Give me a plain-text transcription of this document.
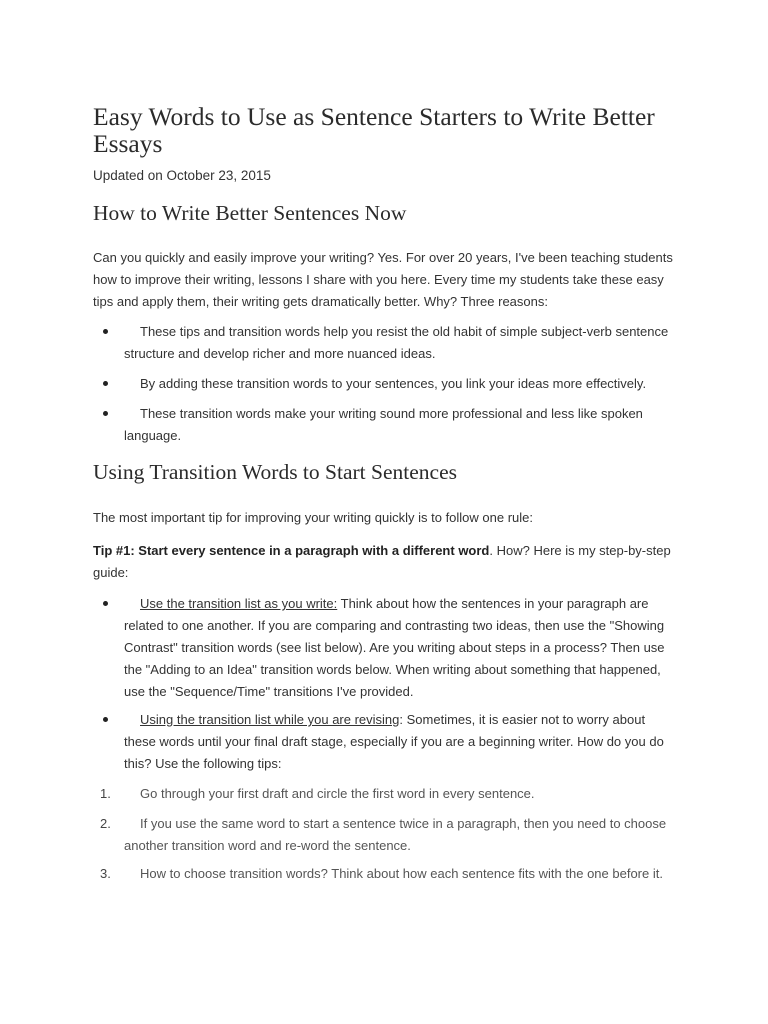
Easy Words to Use as Sentence Starters to Write Better Essays
Updated on October 23, 2015
How to Write Better Sentences Now

Can you quickly and easily improve your writing? Yes. For over 20 years, I've been teaching students how to improve their writing, lessons I share with you here. Every time my students take these easy tips and apply them, their writing gets dramatically better. Why? Three reasons:

These tips and transition words help you resist the old habit of simple subject-verb sentence structure and develop richer and more nuanced ideas.
By adding these transition words to your sentences, you link your ideas more effectively.
These transition words make your writing sound more professional and less like spoken language.
Using Transition Words to Start Sentences

The most important tip for improving your writing quickly is to follow one rule:

Tip #1: Start every sentence in a paragraph with a different word. How? Here is my step-by-step guide:

Use the transition list as you write: Think about how the sentences in your paragraph are related to one another. If you are comparing and contrasting two ideas, then use the "Showing Contrast" transition words (see list below). Are you writing about steps in a process? Then use the "Adding to an Idea" transition words below. When writing about something that happened, use the "Sequence/Time" transitions I've provided.
Using the transition list while you are revising: Sometimes, it is easier not to worry about these words until your final draft stage, especially if you are a beginning writer. How do you do this? Use the following tips:
1.	Go through your first draft and circle the first word in every sentence.
2.	If you use the same word to start a sentence twice in a paragraph, then you need to choose another transition word and re-word the sentence.
3.	How to choose transition words? Think about how each sentence fits with the one before it.
